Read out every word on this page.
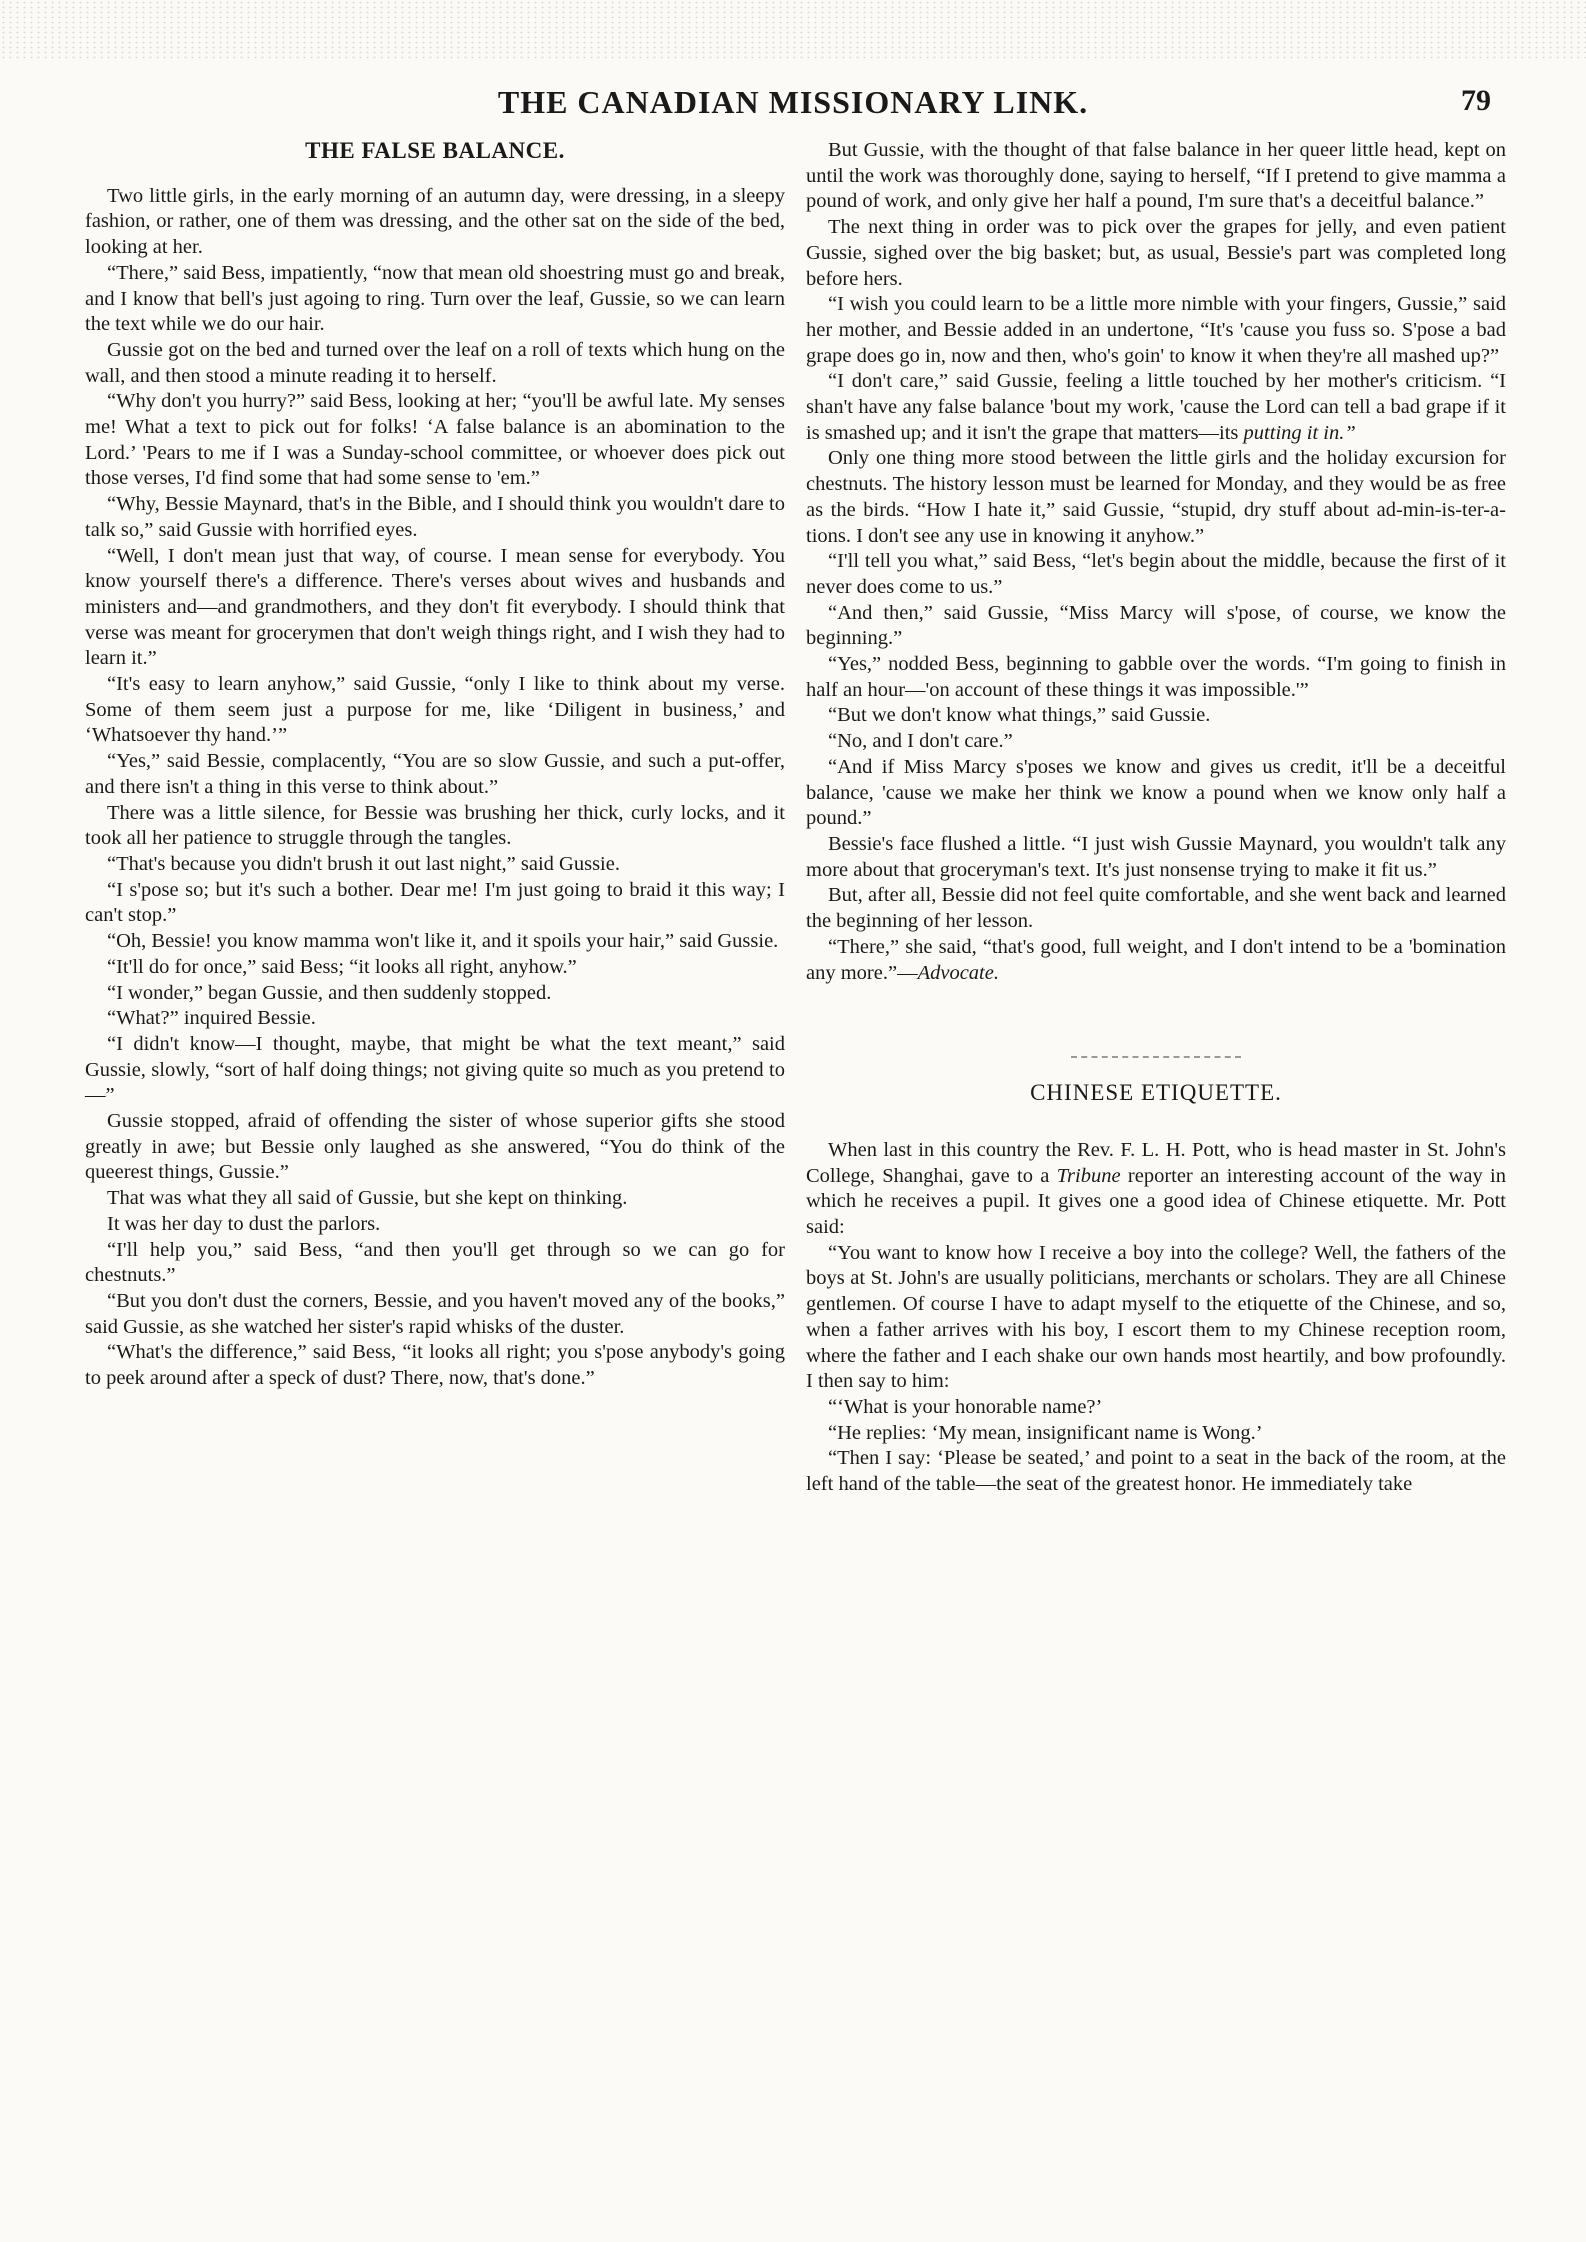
THE CANADIAN MISSIONARY LINK.	79
THE FALSE BALANCE.

Two little girls, in the early morning of an autumn day, were dressing, in a sleepy fashion, or rather, one of them was dressing, and the other sat on the side of the bed, looking at her.

“There,” said Bess, impatiently, “now that mean old shoestring must go and break, and I know that bell's just agoing to ring. Turn over the leaf, Gussie, so we can learn the text while we do our hair.

Gussie got on the bed and turned over the leaf on a roll of texts which hung on the wall, and then stood a minute reading it to herself.

“Why don't you hurry?” said Bess, looking at her; “you'll be awful late. My senses me! What a text to pick out for folks! ‘A false balance is an abomination to the Lord.’ 'Pears to me if I was a Sunday-school committee, or whoever does pick out those verses, I'd find some that had some sense to 'em.”

“Why, Bessie Maynard, that's in the Bible, and I should think you wouldn't dare to talk so,” said Gussie with horrified eyes.

“Well, I don't mean just that way, of course. I mean sense for everybody. You know yourself there's a difference. There's verses about wives and husbands and ministers and—and grandmothers, and they don't fit everybody. I should think that verse was meant for grocerymen that don't weigh things right, and I wish they had to learn it.”

“It's easy to learn anyhow,” said Gussie, “only I like to think about my verse. Some of them seem just a purpose for me, like ‘Diligent in business,’ and ‘Whatsoever thy hand.’”

“Yes,” said Bessie, complacently, “You are so slow Gussie, and such a put-offer, and there isn't a thing in this verse to think about.”

There was a little silence, for Bessie was brushing her thick, curly locks, and it took all her patience to struggle through the tangles.

“That's because you didn't brush it out last night,” said Gussie.

“I s'pose so; but it's such a bother. Dear me! I'm just going to braid it this way; I can't stop.”

“Oh, Bessie! you know mamma won't like it, and it spoils your hair,” said Gussie.

“It'll do for once,” said Bess; “it looks all right, anyhow.”

“I wonder,” began Gussie, and then suddenly stopped.

“What?” inquired Bessie.

“I didn't know—I thought, maybe, that might be what the text meant,” said Gussie, slowly, “sort of half doing things; not giving quite so much as you pretend to—”

Gussie stopped, afraid of offending the sister of whose superior gifts she stood greatly in awe; but Bessie only laughed as she answered, “You do think of the queerest things, Gussie.”

That was what they all said of Gussie, but she kept on thinking.

It was her day to dust the parlors.

“I'll help you,” said Bess, “and then you'll get through so we can go for chestnuts.”

“But you don't dust the corners, Bessie, and you haven't moved any of the books,” said Gussie, as she watched her sister's rapid whisks of the duster.

“What's the difference,” said Bess, “it looks all right; you s'pose anybody's going to peek around after a speck of dust? There, now, that's done.”

But Gussie, with the thought of that false balance in her queer little head, kept on until the work was thoroughly done, saying to herself, “If I pretend to give mamma a pound of work, and only give her half a pound, I'm sure that's a deceitful balance.”

The next thing in order was to pick over the grapes for jelly, and even patient Gussie, sighed over the big basket; but, as usual, Bessie's part was completed long before hers.

“I wish you could learn to be a little more nimble with your fingers, Gussie,” said her mother, and Bessie added in an undertone, “It's 'cause you fuss so. S'pose a bad grape does go in, now and then, who's goin' to know it when they're all mashed up?”

“I don't care,” said Gussie, feeling a little touched by her mother's criticism. “I shan't have any false balance 'bout my work, 'cause the Lord can tell a bad grape if it is smashed up; and it isn't the grape that matters—its putting it in.”

Only one thing more stood between the little girls and the holiday excursion for chestnuts. The history lesson must be learned for Monday, and they would be as free as the birds. “How I hate it,” said Gussie, “stupid, dry stuff about ad-min-is-ter-a-tions. I don't see any use in knowing it anyhow.”

“I'll tell you what,” said Bess, “let's begin about the middle, because the first of it never does come to us.”

“And then,” said Gussie, “Miss Marcy will s'pose, of course, we know the beginning.”

“Yes,” nodded Bess, beginning to gabble over the words. “I'm going to finish in half an hour—'on account of these things it was impossible.'”

“But we don't know what things,” said Gussie.

“No, and I don't care.”

“And if Miss Marcy s'poses we know and gives us credit, it'll be a deceitful balance, 'cause we make her think we know a pound when we know only half a pound.”

Bessie's face flushed a little. “I just wish Gussie Maynard, you wouldn't talk any more about that groceryman's text. It's just nonsense trying to make it fit us.”

But, after all, Bessie did not feel quite comfortable, and she went back and learned the beginning of her lesson.

“There,” she said, “that's good, full weight, and I don't intend to be a 'bomination any more.”—Advocate.

CHINESE ETIQUETTE.

When last in this country the Rev. F. L. H. Pott, who is head master in St. John's College, Shanghai, gave to a Tribune reporter an interesting account of the way in which he receives a pupil. It gives one a good idea of Chinese etiquette. Mr. Pott said:

“You want to know how I receive a boy into the college? Well, the fathers of the boys at St. John's are usually politicians, merchants or scholars. They are all Chinese gentlemen. Of course I have to adapt myself to the etiquette of the Chinese, and so, when a father arrives with his boy, I escort them to my Chinese reception room, where the father and I each shake our own hands most heartily, and bow profoundly. I then say to him:

“‘What is your honorable name?’

“He replies: ‘My mean, insignificant name is Wong.’

“Then I say: ‘Please be seated,’ and point to a seat in the back of the room, at the left hand of the table—the seat of the greatest honor. He immediately take
